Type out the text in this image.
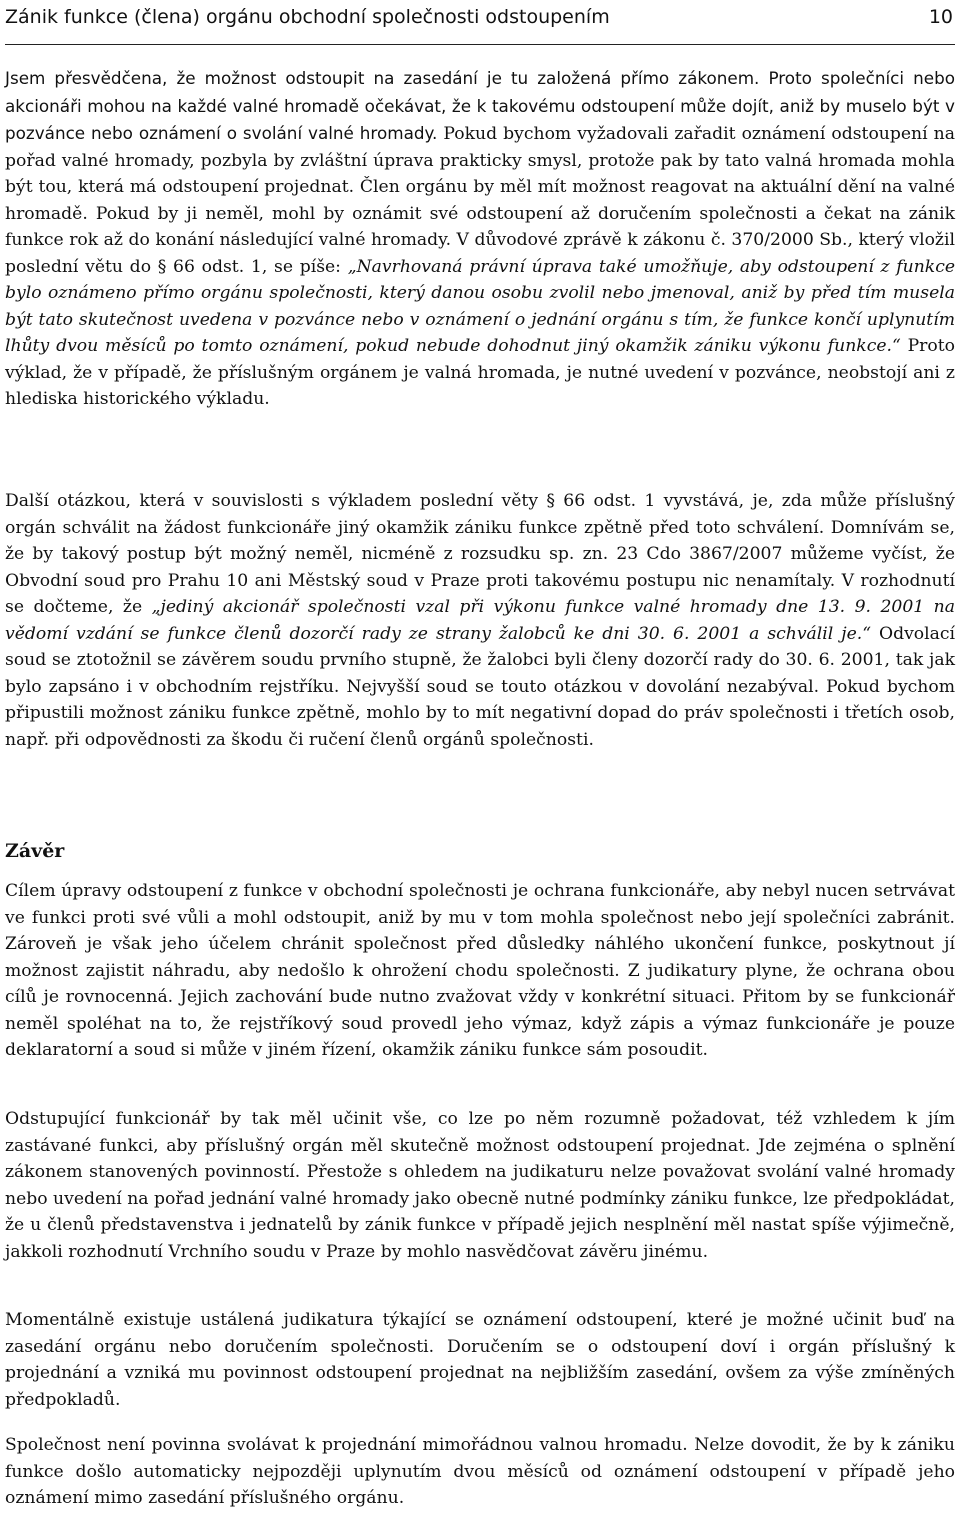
Zánik funkce (člena) orgánu obchodní společnosti odstoupením	10

Jsem přesvědčena, že možnost odstoupit na zasedání je tu založená přímo zákonem. Proto společníci nebo akcionáři mohou na každé valné hromadě očekávat, že k takovému odstoupení může dojít, aniž by muselo být v pozvánce nebo oznámení o svolání valné hromady. Pokud bychom vyžadovali zařadit oznámení odstoupení na pořad valné hromady, pozbyla by zvláštní úprava prakticky smysl, protože pak by tato valná hromada mohla být tou, která má odstoupení projednat. Člen orgánu by měl mít možnost reagovat na aktuální dění na valné hromadě. Pokud by ji neměl, mohl by oznámit své odstoupení až doručením společnosti a čekat na zánik funkce rok až do konání následující valné hromady. V důvodové zprávě k zákonu č. 370/2000 Sb., který vložil poslední větu do § 66 odst. 1, se píše: „Navrhovaná právní úprava také umožňuje, aby odstoupení z funkce bylo oznámeno přímo orgánu společnosti, který danou osobu zvolil nebo jmenoval, aniž by před tím musela být tato skutečnost uvedena v pozvánce nebo v oznámení o jednání orgánu s tím, že funkce končí uplynutím lhůty dvou měsíců po tomto oznámení, pokud nebude dohodnut jiný okamžik zániku výkonu funkce.“ Proto výklad, že v případě, že příslušným orgánem je valná hromada, je nutné uvedení v pozvánce, neobstojí ani z hlediska historického výkladu.

Další otázkou, která v souvislosti s výkladem poslední věty § 66 odst. 1 vyvstává, je, zda může příslušný orgán schválit na žádost funkcionáře jiný okamžik zániku funkce zpětně před toto schválení. Domnívám se, že by takový postup být možný neměl, nicméně z rozsudku sp. zn. 23 Cdo 3867/2007 můžeme vyčíst, že Obvodní soud pro Prahu 10 ani Městský soud v Praze proti takovému postupu nic nenamítaly. V rozhodnutí se dočteme, že „jediný akcionář společnosti vzal při výkonu funkce valné hromady dne 13. 9. 2001 na vědomí vzdání se funkce členů dozorčí rady ze strany žalobců ke dni 30. 6. 2001 a schválil je.“ Odvolací soud se ztotožnil se závěrem soudu prvního stupně, že žalobci byli členy dozorčí rady do 30. 6. 2001, tak jak bylo zapsáno i v obchodním rejstříku. Nejvyšší soud se touto otázkou v dovolání nezabýval. Pokud bychom připustili možnost zániku funkce zpětně, mohlo by to mít negativní dopad do práv společnosti i třetích osob, např. při odpovědnosti za škodu či ručení členů orgánů společnosti.

Závěr

Cílem úpravy odstoupení z funkce v obchodní společnosti je ochrana funkcionáře, aby nebyl nucen setrvávat ve funkci proti své vůli a mohl odstoupit, aniž by mu v tom mohla společnost nebo její společníci zabránit. Zároveň je však jeho účelem chránit společnost před důsledky náhlého ukončení funkce, poskytnout jí možnost zajistit náhradu, aby nedošlo k ohrožení chodu společnosti. Z judikatury plyne, že ochrana obou cílů je rovnocenná. Jejich zachování bude nutno zvažovat vždy v konkrétní situaci. Přitom by se funkcionář neměl spoléhat na to, že rejstříkový soud provedl jeho výmaz, když zápis a výmaz funkcionáře je pouze deklaratorní a soud si může v jiném řízení, okamžik zániku funkce sám posoudit.

Odstupující funkcionář by tak měl učinit vše, co lze po něm rozumně požadovat, též vzhledem k jím zastávané funkci, aby příslušný orgán měl skutečně možnost odstoupení projednat. Jde zejména o splnění zákonem stanovených povinností. Přestože s ohledem na judikaturu nelze považovat svolání valné hromady nebo uvedení na pořad jednání valné hromady jako obecně nutné podmínky zániku funkce, lze předpokládat, že u členů představenstva i jednatelů by zánik funkce v případě jejich nesplnění měl nastat spíše výjimečně, jakkoli rozhodnutí Vrchního soudu v Praze by mohlo nasvědčovat závěru jinému.

Momentálně existuje ustálená judikatura týkající se oznámení odstoupení, které je možné učinit buď na zasedání orgánu nebo doručením společnosti. Doručením se o odstoupení doví i orgán příslušný k projednání a vzniká mu povinnost odstoupení projednat na nejbližším zasedání, ovšem za výše zmíněných předpokladů.

Společnost není povinna svolávat k projednání mimořádnou valnou hromadu. Nelze dovodit, že by k zániku funkce došlo automaticky nejpozději uplynutím dvou měsíců od oznámení odstoupení v případě jeho oznámení mimo zasedání příslušného orgánu.
